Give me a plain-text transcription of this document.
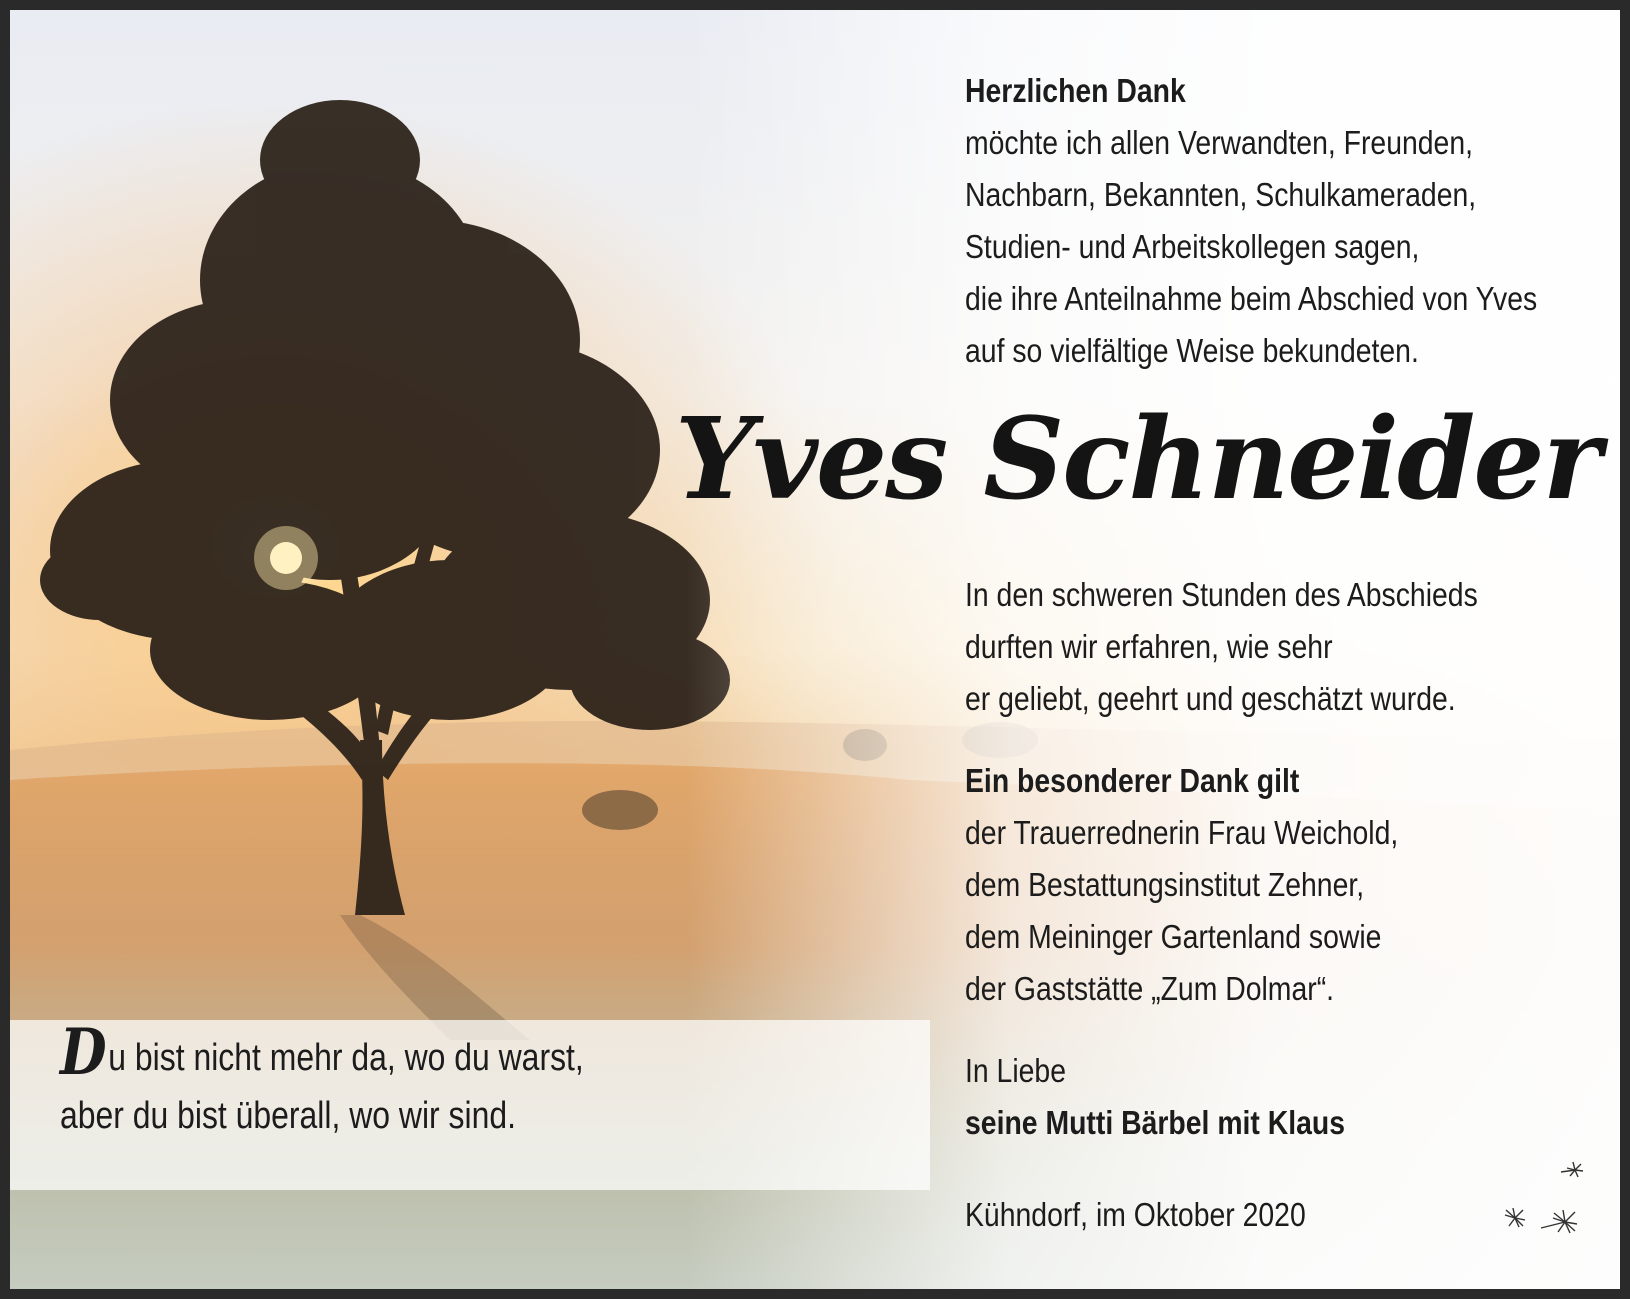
Du bist nicht mehr da, wo du warst,
aber du bist überall, wo wir sind.
Yves Schneider

Herzlichen Dank
möchte ich allen Verwandten, Freunden,
Nachbarn, Bekannten, Schulkameraden,
Studien- und Arbeitskollegen sagen,
die ihre Anteilnahme beim Abschied von Yves
auf so vielfältige Weise bekundeten.

In den schweren Stunden des Abschieds
durften wir erfahren, wie sehr
er geliebt, geehrt und geschätzt wurde.

Ein besonderer Dank gilt
der Trauerrednerin Frau Weichold,
dem Bestattungsinstitut Zehner,
dem Meininger Gartenland sowie
der Gaststätte „Zum Dolmar“.

In Liebe
seine Mutti Bärbel mit Klaus

Kühndorf, im Oktober 2020
